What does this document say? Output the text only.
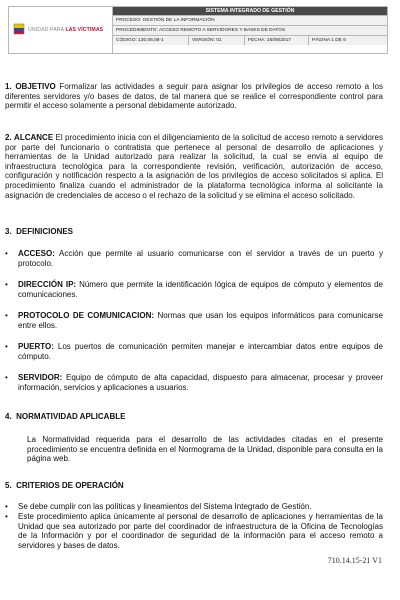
UNIDAD PARA LAS VÍCTIMAS
SISTEMA INTEGRADO DE GESTIÓN
PROCESO: GESTIÓN DE LA INFORMACIÓN
PROCEDIMIENTO: ACCESO REMOTO A SERVIDORES Y BASES DE DATOS
CÓDIGO: 130,06,08-1	VERSIÓN: 01	FECHA: 25/08/2017	PÁGINA 1 DE 6

1. OBJETIVO Formalizar las actividades a seguir para asignar los privilegios de acceso remoto a los diferentes servidores y/o bases de datos, de tal manera que se realice el correspondiente control para permitir el acceso solamente a personal debidamente autorizado.

2. ALCANCE El procedimiento inicia con el diligenciamiento de la solicitud de acceso remoto a servidores por parte del funcionario o contratista que pertenece al personal de desarrollo de aplicaciones y herramientas de la Unidad autorizado para realizar la solicitud, la cual se envía al equipo de infraestructura tecnológica para la correspondiente revisión, verificación, autorización de acceso, configuración y notificación respecto a la asignación de los privilegios de acceso solicitados si aplica. El procedimiento finaliza cuando el administrador de la plataforma tecnológica informa al solicitante la asignación de credenciales de acceso o el rechazo de la solicitud y se elimina el acceso solicitado.

3. DEFINICIONES

•	ACCESO: Acción que permite al usuario comunicarse con el servidor a través de un puerto y protocolo.

•	DIRECCIÓN IP: Número que permite la identificación lógica de equipos de cómputo y elementos de comunicaciones.

•	PROTOCOLO DE COMUNICACION: Normas que usan los equipos informáticos para comunicarse entre ellos.

•	PUERTO: Los puertos de comunicación permiten manejar e intercambiar datos entre equipos de cómputo.

•	SERVIDOR: Equipo de cómputo de alta capacidad, dispuesto para almacenar, procesar y proveer información, servicios y aplicaciones a usuarios.

4. NORMATIVIDAD APLICABLE

La Normatividad requerida para el desarrollo de las actividades citadas en el presente procedimiento se encuentra definida en el Normograma de la Unidad, disponible para consulta en la página web.

5. CRITERIOS DE OPERACIÓN

•	Se debe cumplir con las políticas y lineamientos del Sistema Integrado de Gestión.

•	Este procedimiento aplica únicamente al personal de desarrollo de aplicaciones y herramientas de la Unidad que sea autorizado por parte del coordinador de infraestructura de la Oficina de Tecnologías de la Información y por el coordinador de seguridad de la información para el acceso remoto a servidores y bases de datos.

710.14.15-21 V1
